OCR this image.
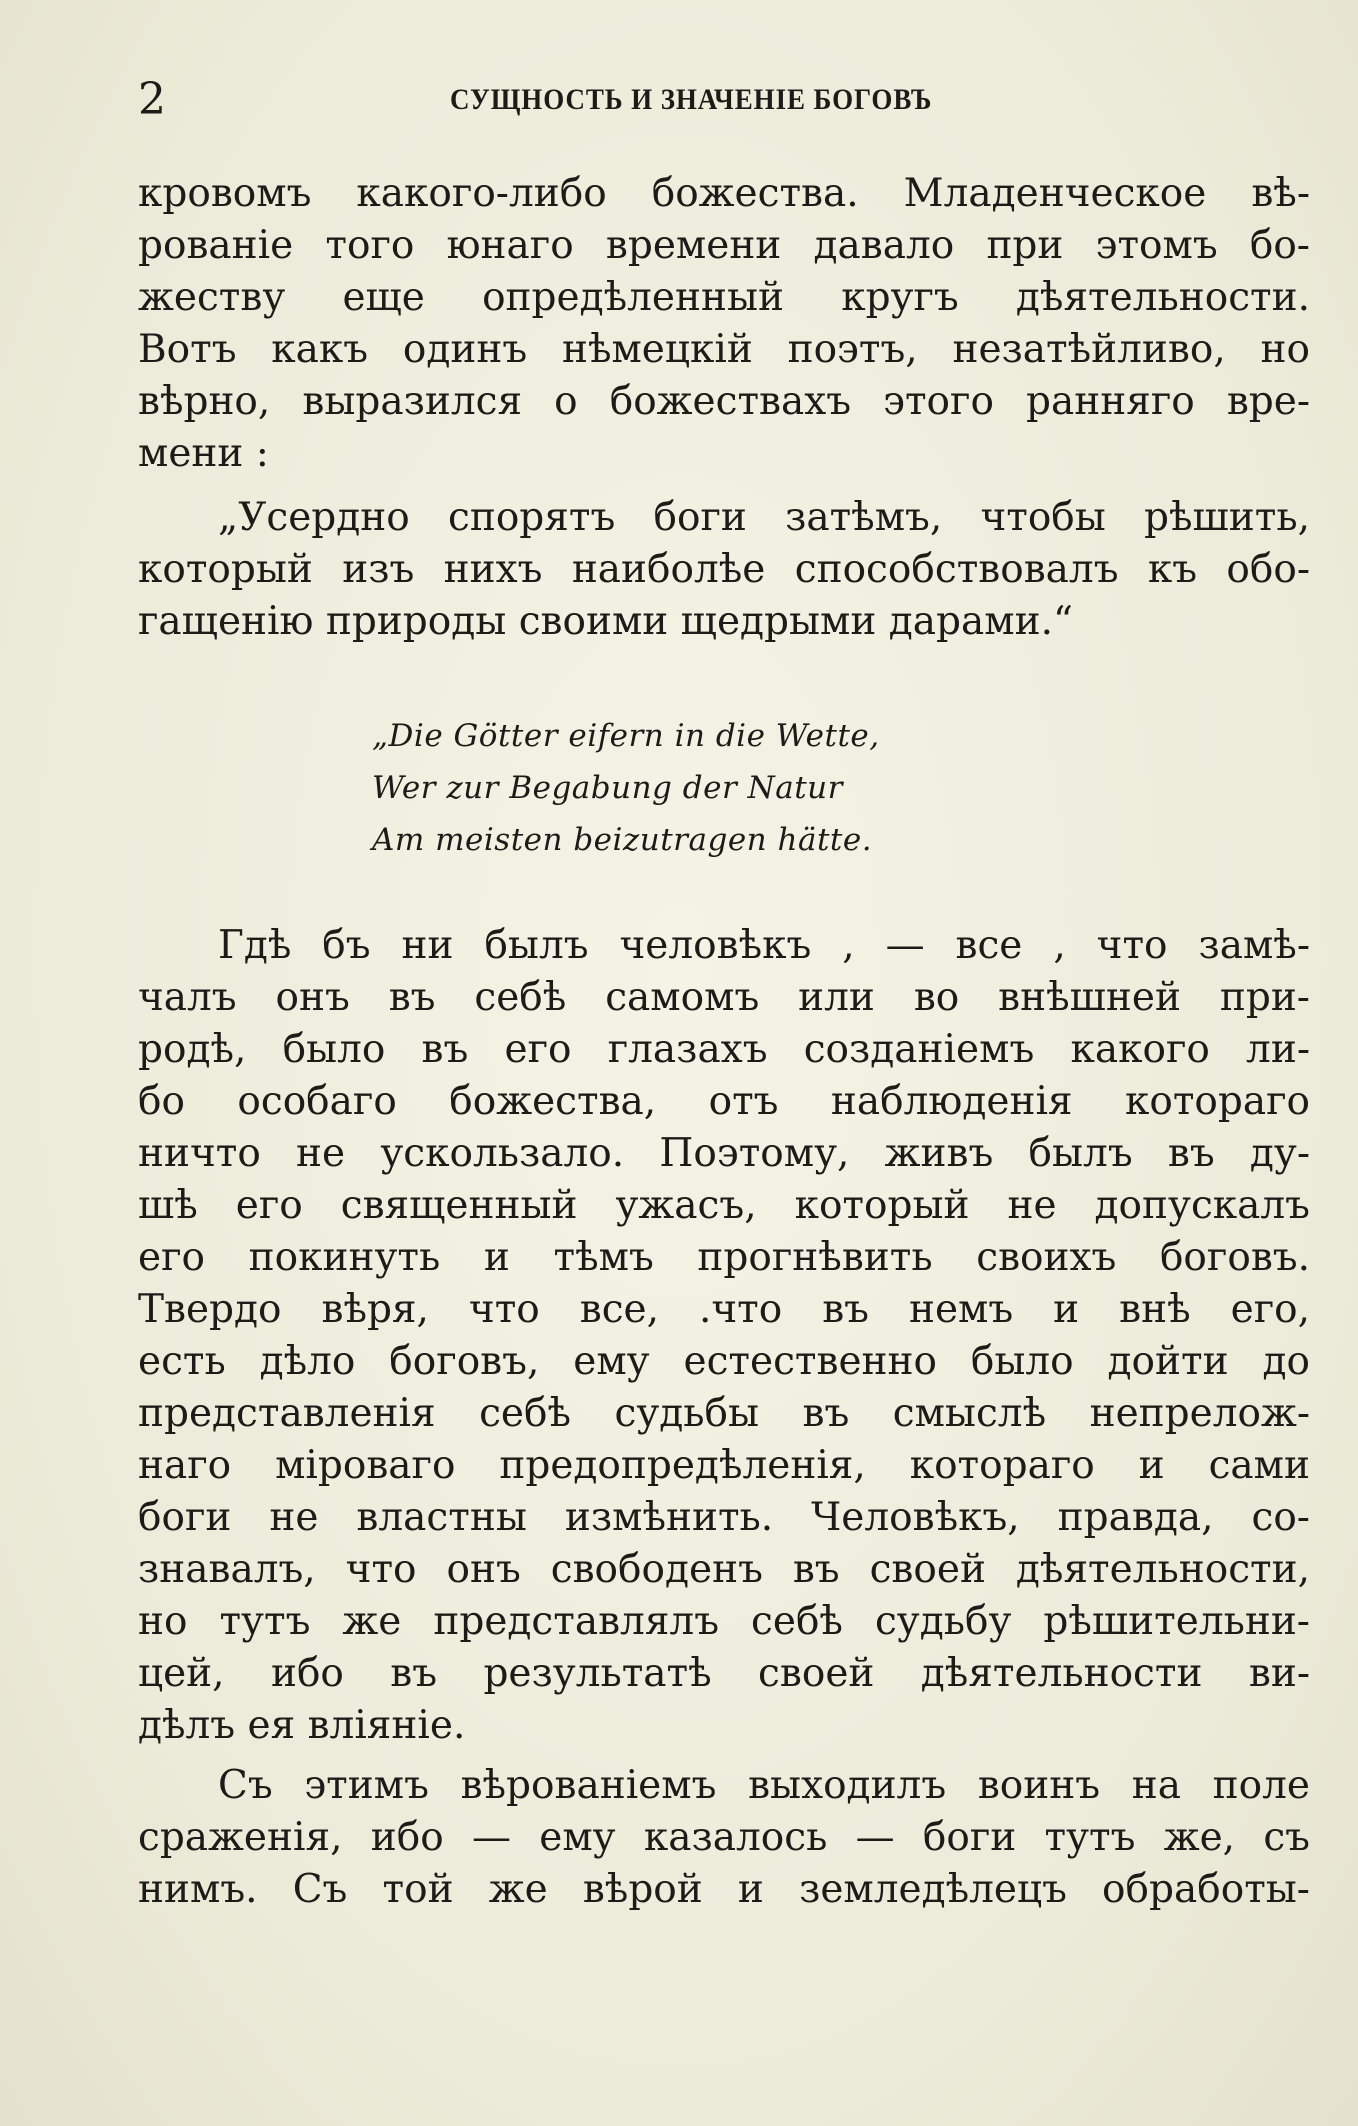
2	СУЩНОСТЬ И ЗНАЧЕНІЕ БОГОВЪ
кровомъ какого-либо божества. Младенческое вѣ-
рованіе того юнаго времени давало при этомъ бо-
жеству еще опредѣленный кругъ дѣятельности.
Вотъ какъ одинъ нѣмецкій поэтъ, незатѣйливо, но
вѣрно, выразился о божествахъ этого ранняго вре-
мени :
„Усердно спорятъ боги затѣмъ, чтобы рѣшить,
который изъ нихъ наиболѣе способствовалъ къ обо-
гащенію природы своими щедрыми дарами.“
„Die Götter eifern in die Wette,
Wer zur Begabung der Natur
Am meisten beizutragen hätte.
Гдѣ бъ ни былъ человѣкъ , — все , что замѣ-
чалъ онъ въ себѣ самомъ или во внѣшней при-
родѣ, было въ его глазахъ созданіемъ какого ли-
бо особаго божества, отъ наблюденія котораго
ничто не ускользало. Поэтому, живъ былъ въ ду-
шѣ его священный ужасъ, который не допускалъ
его покинуть и тѣмъ прогнѣвить своихъ боговъ.
Твердо вѣря, что все, .что въ немъ и внѣ его,
есть дѣло боговъ, ему естественно было дойти до
представленія себѣ судьбы въ смыслѣ непрелож-
наго міроваго предопредѣленія, котораго и сами
боги не властны измѣнить. Человѣкъ, правда, со-
знавалъ, что онъ свободенъ въ своей дѣятельности,
но тутъ же представлялъ себѣ судьбу рѣшительни-
цей, ибо въ результатѣ своей дѣятельности ви-
дѣлъ ея вліяніе.
Съ этимъ вѣрованіемъ выходилъ воинъ на поле
сраженія, ибо — ему казалось — боги тутъ же, съ
нимъ. Съ той же вѣрой и земледѣлецъ обработы-
